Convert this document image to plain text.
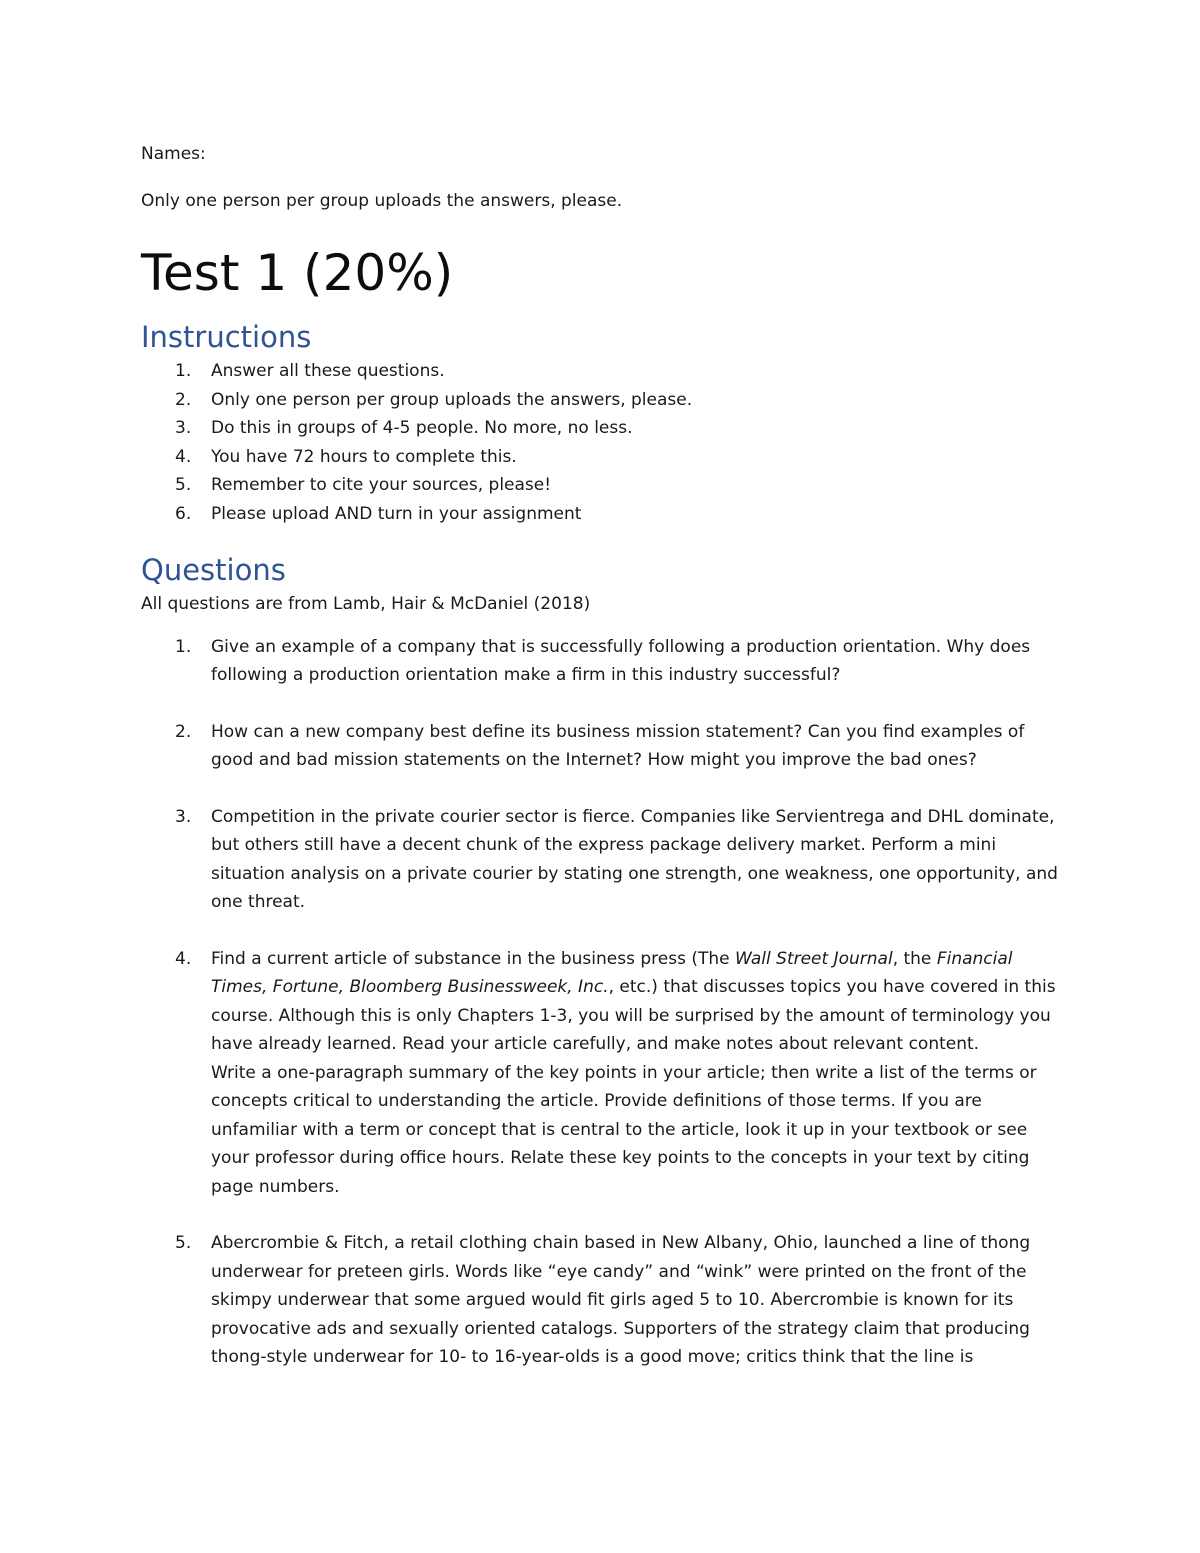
Names:

Only one person per group uploads the answers, please.

Test 1 (20%)
Instructions
1. Answer all these questions.
2. Only one person per group uploads the answers, please.
3. Do this in groups of 4-5 people. No more, no less.
4. You have 72 hours to complete this.
5. Remember to cite your sources, please!
6. Please upload AND turn in your assignment
Questions

All questions are from Lamb, Hair & McDaniel (2018)

1. Give an example of a company that is successfully following a production orientation. Why does following a production orientation make a firm in this industry successful?
2. How can a new company best define its business mission statement? Can you find examples of good and bad mission statements on the Internet? How might you improve the bad ones?
3. Competition in the private courier sector is fierce. Companies like Servientrega and DHL dominate, but others still have a decent chunk of the express package delivery market. Perform a mini situation analysis on a private courier by stating one strength, one weakness, one opportunity, and one threat.
4. Find a current article of substance in the business press (The Wall Street Journal, the Financial Times, Fortune, Bloomberg Businessweek, Inc., etc.) that discusses topics you have covered in this course. Although this is only Chapters 1-3, you will be surprised by the amount of terminology you have already learned. Read your article carefully, and make notes about relevant content.
Write a one-paragraph summary of the key points in your article; then write a list of the terms or concepts critical to understanding the article. Provide definitions of those terms. If you are unfamiliar with a term or concept that is central to the article, look it up in your textbook or see your professor during office hours. Relate these key points to the concepts in your text by citing page numbers.
5. Abercrombie & Fitch, a retail clothing chain based in New Albany, Ohio, launched a line of thong underwear for preteen girls. Words like “eye candy” and “wink” were printed on the front of the skimpy underwear that some argued would fit girls aged 5 to 10. Abercrombie is known for its provocative ads and sexually oriented catalogs. Supporters of the strategy claim that producing thong-style underwear for 10- to 16-year-olds is a good move; critics think that the line is
